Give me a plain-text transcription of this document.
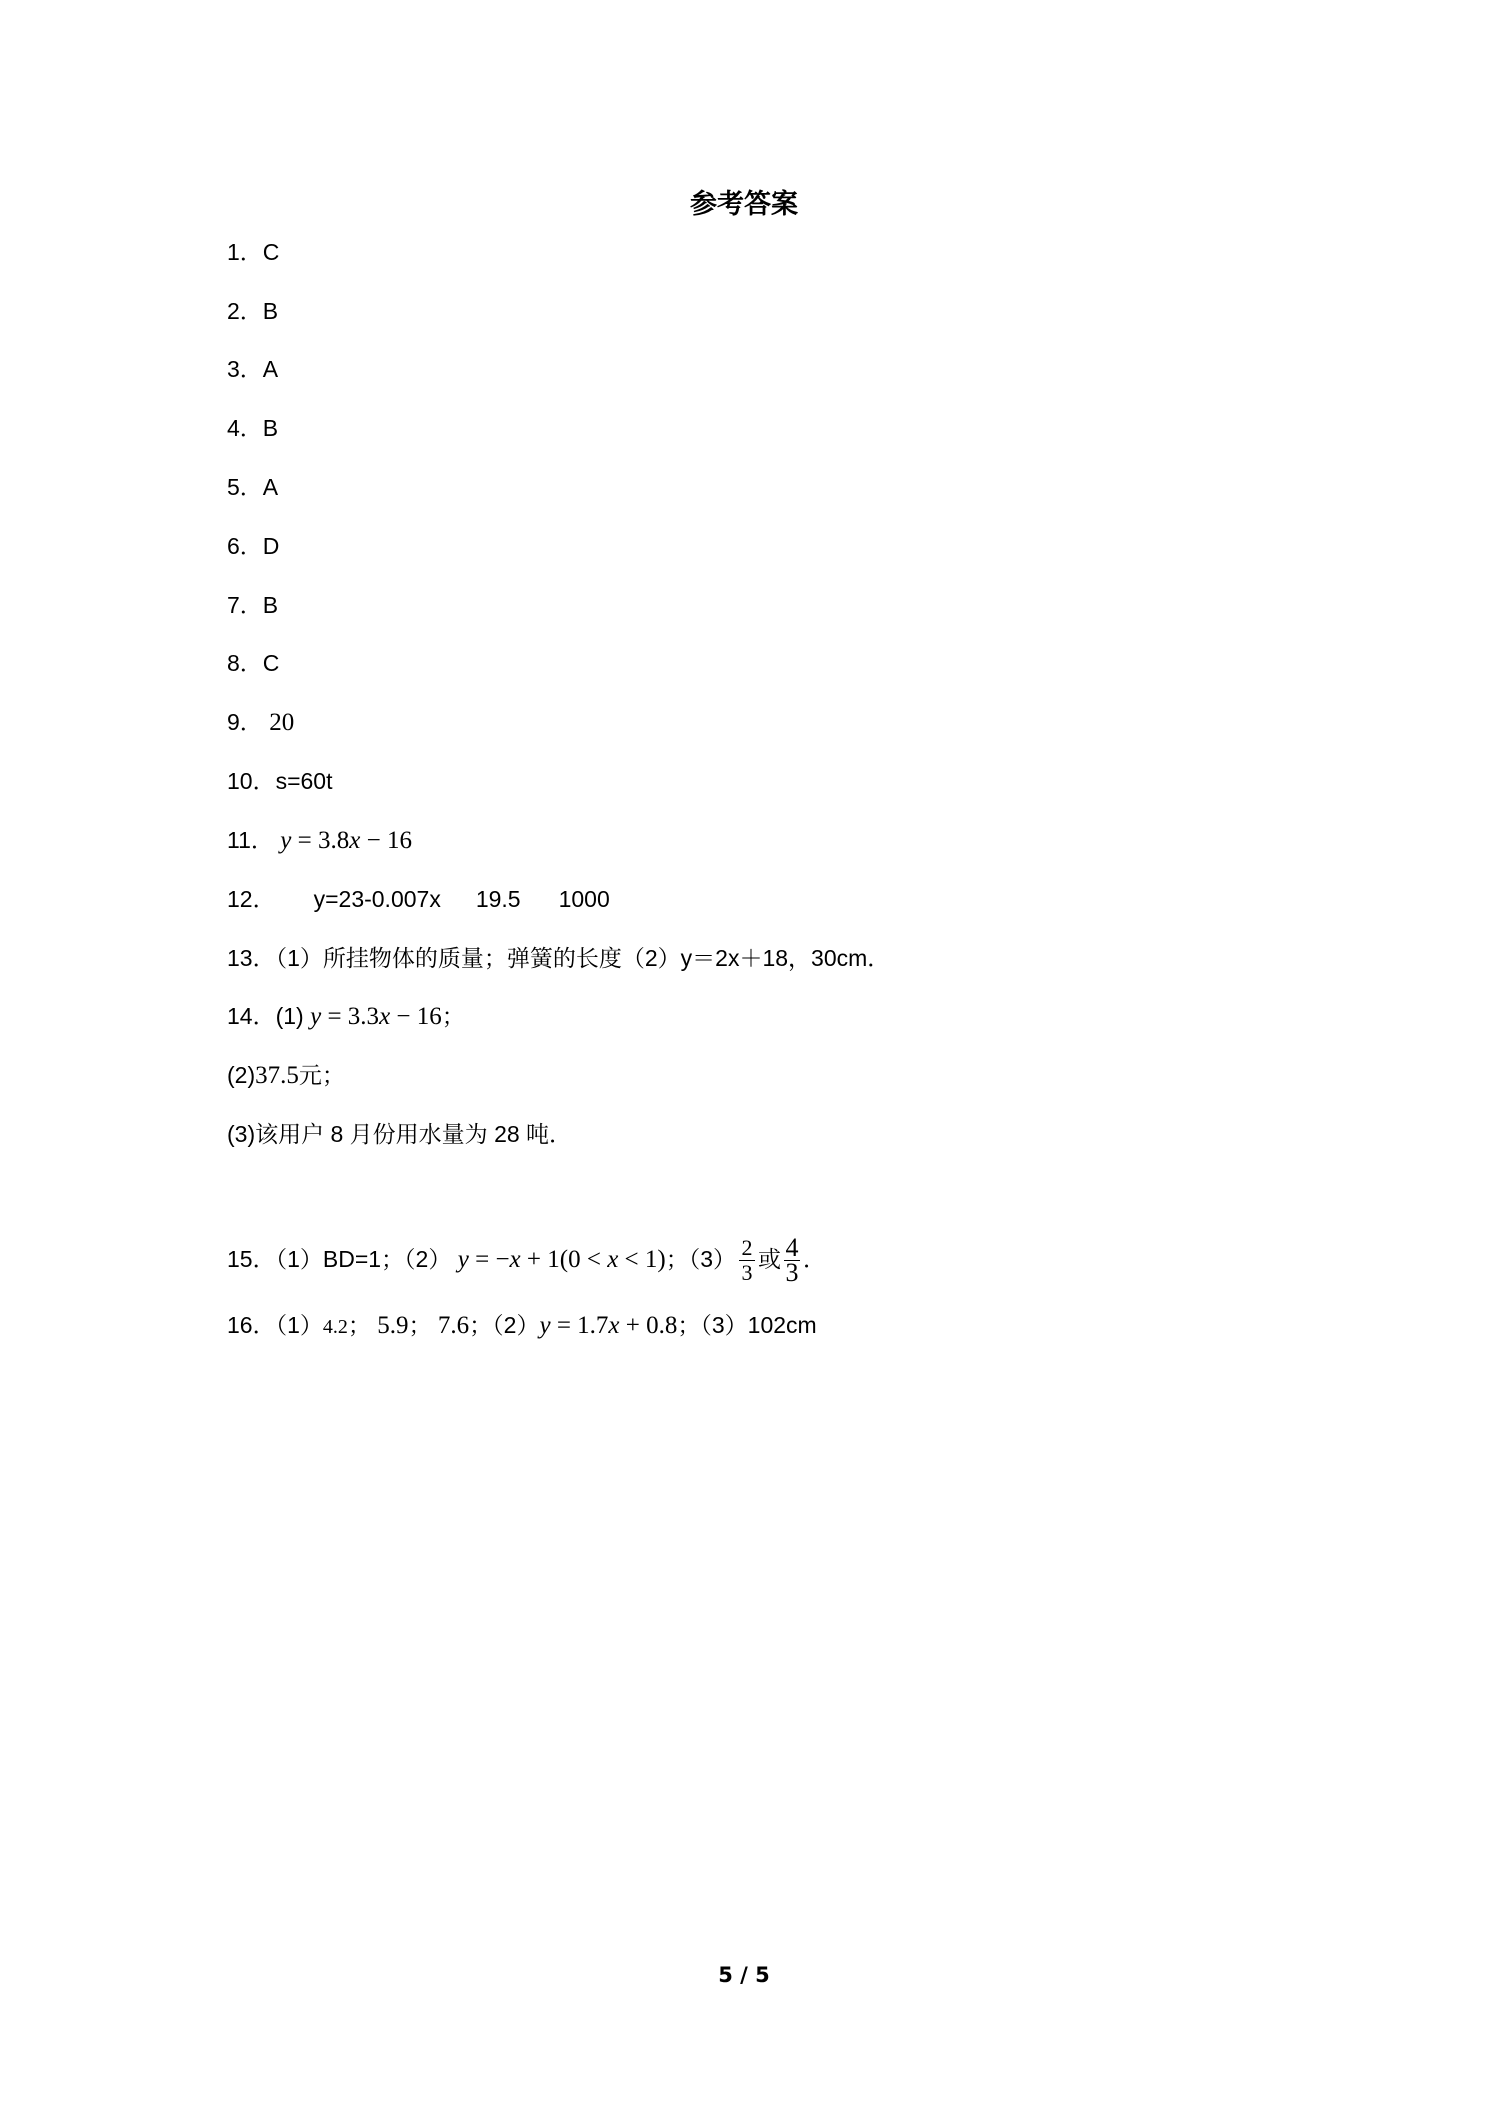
参考答案
1．C
2．B
3．A
4．B
5．A
6．D
7．B
8．C
9． 20
10．s=60t
11． y = 3.8x − 16
12． y=23-0.007x 19.5 1000
13．（1）所挂物体的质量；弹簧的长度（2）y＝2x＋18，30cm．
14．(1) y = 3.3x − 16；
(2)37.5元；
(3)该用户 8 月份用水量为 28 吨．
15．（1）BD=1；（2） y = −x + 1(0 < x < 1)；$(3) \frac{2}{3}$ 或 $\frac{4}{3}$ ．
16．（1）4.2； 5.9； 7.6；（2）y = 1.7x + 0.8；（3）102cm
5 / 5
